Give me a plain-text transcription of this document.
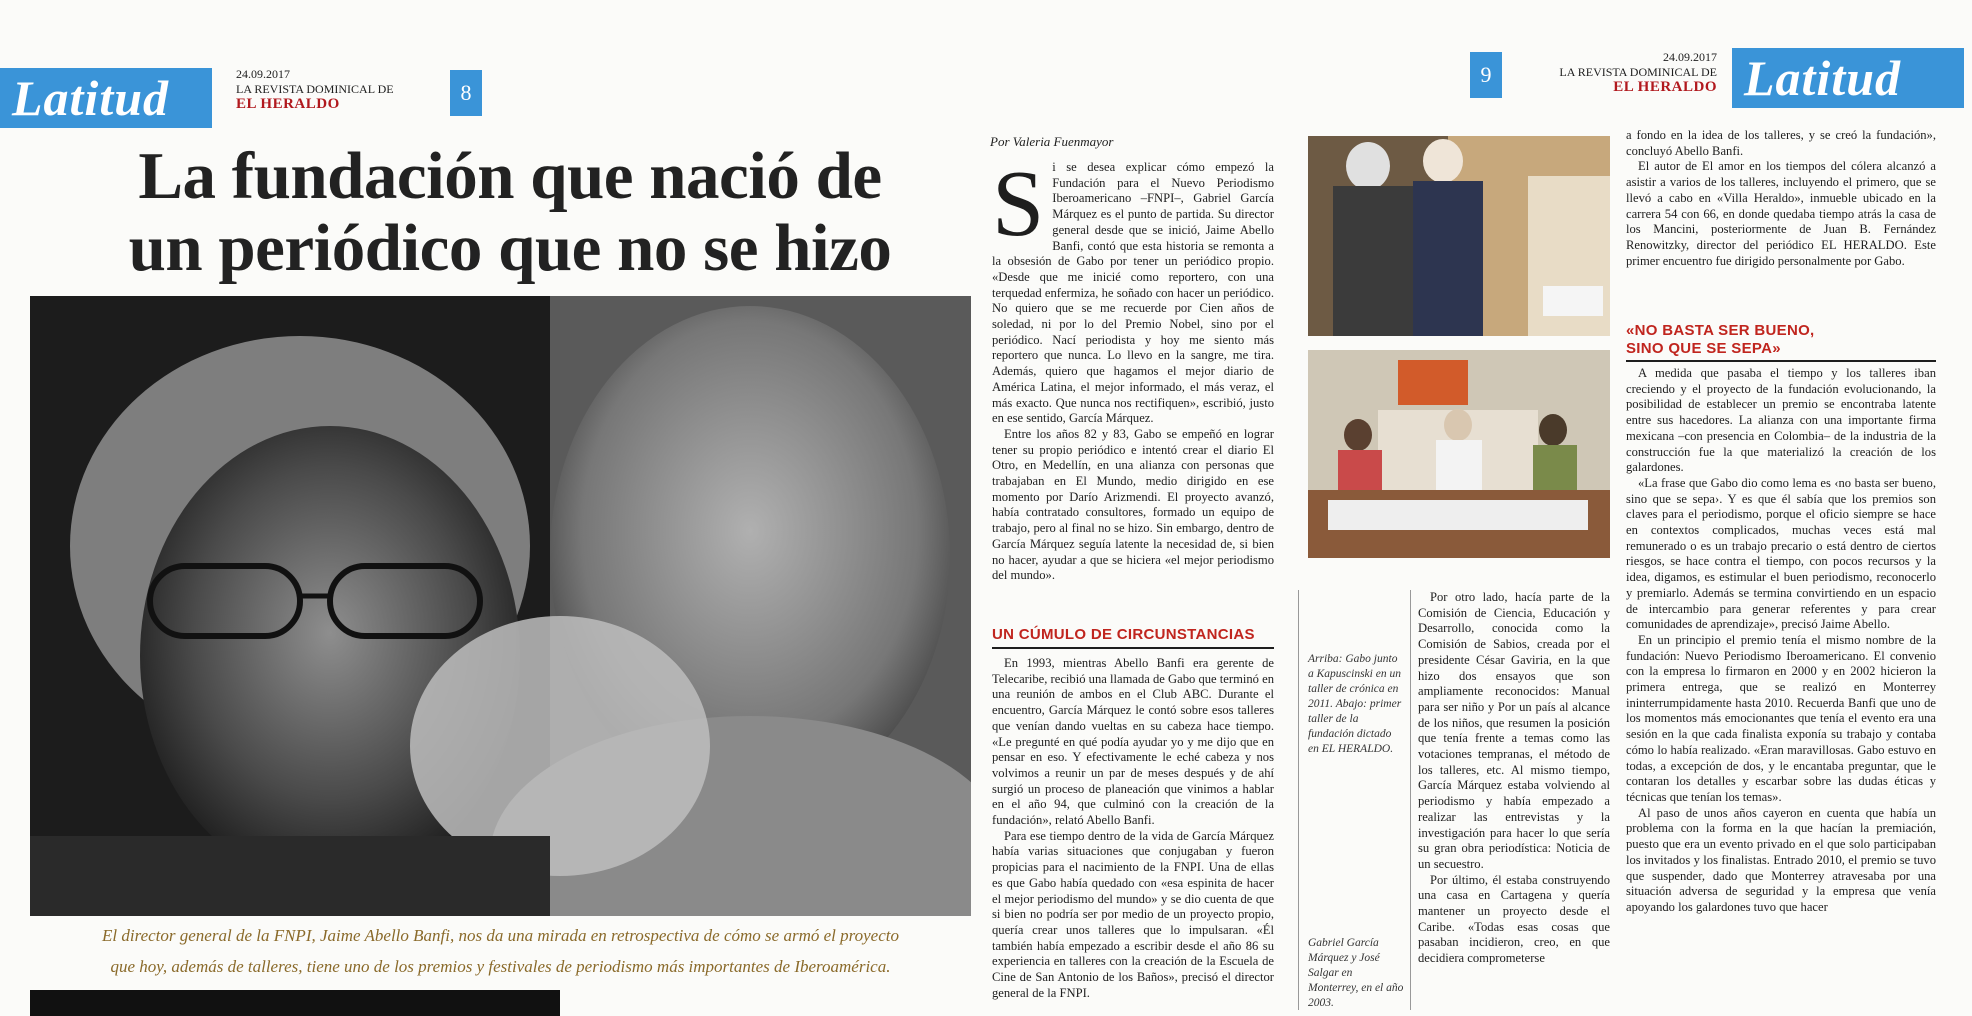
Latitud	24.09.2017
LA REVISTA DOMINICAL DE
EL HERALDO	8
9
24.09.2017
LA REVISTA DOMINICAL DE
EL HERALDO Latitud
La fundación que nació de
un periódico que no se hizo
El director general de la FNPI, Jaime Abello Banfi, nos da una mirada en retrospectiva de cómo se armó el proyecto
que hoy, además de talleres, tiene uno de los premios y festivales de periodismo más importantes de Iberoamérica.
Por Valeria Fuenmayor
S i se desea explicar cómo empezó la Fundación para el Nuevo Periodismo Iberoamericano –FNPI–, Gabriel García Márquez es el punto de partida. Su director general desde que se inició, Jaime Abello Banfi, contó que esta historia se remonta a la obsesión de Gabo por tener un periódico propio. «Desde que me inicié como reportero, con una terquedad enfermiza, he soñado con hacer un periódico. No quiero que se me recuerde por Cien años de soledad, ni por lo del Premio Nobel, sino por el periódico. Nací periodista y hoy me siento más reportero que nunca. Lo llevo en la sangre, me tira. Además, quiero que hagamos el mejor diario de América Latina, el mejor informado, el más veraz, el más exacto. Que nunca nos rectifiquen», escribió, justo en ese sentido, García Márquez.

Entre los años 82 y 83, Gabo se empeñó en lograr tener su propio periódico e intentó crear el diario El Otro, en Medellín, en una alianza con personas que trabajaban en El Mundo, medio dirigido en ese momento por Darío Arizmendi. El proyecto avanzó, había contratado consultores, formado un equipo de trabajo, pero al final no se hizo. Sin embargo, dentro de García Márquez seguía latente la necesidad de, si bien no hacer, ayudar a que se hiciera «el mejor periodismo del mundo».

UN CÚMULO DE CIRCUNSTANCIAS

En 1993, mientras Abello Banfi era gerente de Telecaribe, recibió una llamada de Gabo que terminó en una reunión de ambos en el Club ABC. Durante el encuentro, García Márquez le contó sobre esos talleres que venían dando vueltas en su cabeza hace tiempo. «Le pregunté en qué podía ayudar yo y me dijo que en pensar en eso. Y efectivamente le eché cabeza y nos volvimos a reunir un par de meses después y de ahí surgió un proceso de planeación que vinimos a hablar en el año 94, que culminó con la creación de la fundación», relató Abello Banfi.

Para ese tiempo dentro de la vida de García Márquez había varias situaciones que conjugaban y fueron propicias para el nacimiento de la FNPI. Una de ellas es que Gabo había quedado con «esa espinita de hacer el mejor periodismo del mundo» y se dio cuenta de que si bien no podría ser por medio de un proyecto propio, quería crear unos talleres que lo impulsaran. «Él también había empezado a escribir desde el año 86 su experiencia en talleres con la creación de la Escuela de Cine de San Antonio de los Baños», precisó el director general de la FNPI.

Arriba: Gabo junto a Kapuscinski en un taller de crónica en 2011. Abajo: primer taller de la fundación dictado en EL HERALDO.
Gabriel García Márquez y José Salgar en Monterrey, en el año 2003.

Por otro lado, hacía parte de la Comisión de Ciencia, Educación y Desarrollo, conocida como la Comisión de Sabios, creada por el presidente César Gaviria, en la que hizo dos ensayos que son ampliamente reconocidos: Manual para ser niño y Por un país al alcance de los niños, que resumen la posición que tenía frente a temas como las votaciones tempranas, el método de los talleres, etc. Al mismo tiempo, García Márquez estaba volviendo al periodismo y había empezado a realizar las entrevistas y la investigación para hacer lo que sería su gran obra periodística: Noticia de un secuestro.

Por último, él estaba construyendo una casa en Cartagena y quería mantener un proyecto desde el Caribe. «Todas esas cosas que pasaban incidieron, creo, en que decidiera comprometerse

a fondo en la idea de los talleres, y se creó la fundación», concluyó Abello Banfi.

El autor de El amor en los tiempos del cólera alcanzó a asistir a varios de los talleres, incluyendo el primero, que se llevó a cabo en «Villa Heraldo», inmueble ubicado en la carrera 54 con 66, en donde quedaba tiempo atrás la casa de los Mancini, posteriormente de Juan B. Fernández Renowitzky, director del periódico EL HERALDO. Este primer encuentro fue dirigido personalmente por Gabo.

«NO BASTA SER BUENO,
SINO QUE SE SEPA»

A medida que pasaba el tiempo y los talleres iban creciendo y el proyecto de la fundación evolucionando, la posibilidad de establecer un premio se encontraba latente entre sus hacedores. La alianza con una importante firma mexicana –con presencia en Colombia– de la industria de la construcción fue la que materializó la creación de los galardones.

«La frase que Gabo dio como lema es ‹no basta ser bueno, sino que se sepa›. Y es que él sabía que los premios son claves para el periodismo, porque el oficio siempre se hace en contextos complicados, muchas veces está mal remunerado o es un trabajo precario o está dentro de ciertos riesgos, se hace contra el tiempo, con pocos recursos y la idea, digamos, es estimular el buen periodismo, reconocerlo y premiarlo. Además se termina convirtiendo en un espacio de intercambio para generar referentes y para crear comunidades de aprendizaje», precisó Jaime Abello.

En un principio el premio tenía el mismo nombre de la fundación: Nuevo Periodismo Iberoamericano. El convenio con la empresa lo firmaron en 2000 y en 2002 hicieron la primera entrega, que se realizó en Monterrey ininterrumpidamente hasta 2010. Recuerda Banfi que uno de los momentos más emocionantes que tenía el evento era una sesión en la que cada finalista exponía su trabajo y contaba cómo lo había realizado. «Eran maravillosas. Gabo estuvo en todas, a excepción de dos, y le encantaba preguntar, que le contaran los detalles y escarbar sobre las dudas éticas y técnicas que tenían los temas».

Al paso de unos años cayeron en cuenta que había un problema con la forma en la que hacían la premiación, puesto que era un evento privado en el que solo participaban los invitados y los finalistas. Entrado 2010, el premio se tuvo que suspender, dado que Monterrey atravesaba por una situación adversa de seguridad y la empresa que venía apoyando los galardones tuvo que hacer
